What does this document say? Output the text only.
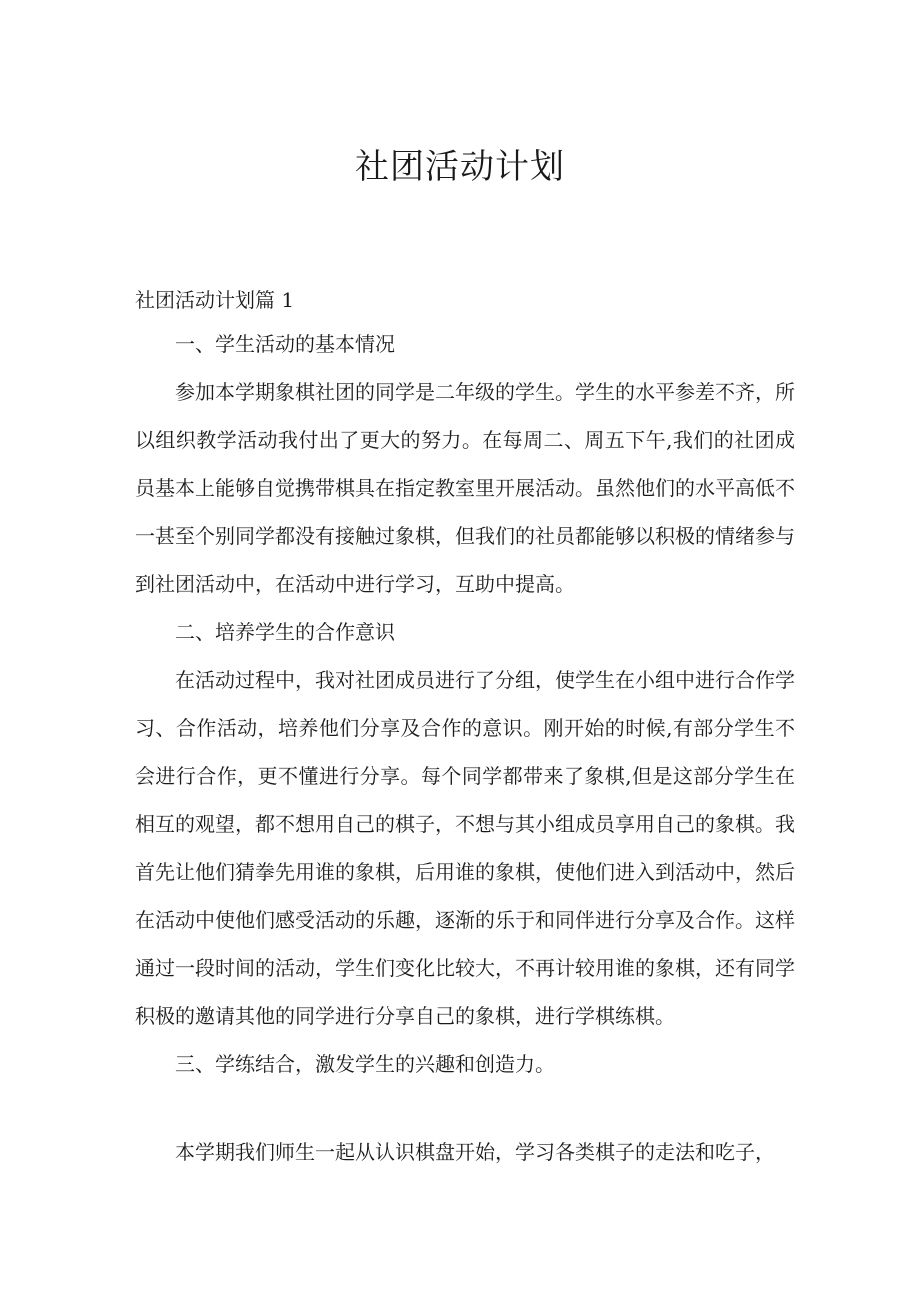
社团活动计划

社团活动计划篇 1

一、学生活动的基本情况

参加本学期象棋社团的同学是二年级的学生。学生的水平参差不齐，所以组织教学活动我付出了更大的努力。在每周二、周五下午,我们的社团成员基本上能够自觉携带棋具在指定教室里开展活动。虽然他们的水平高低不一甚至个别同学都没有接触过象棋，但我们的社员都能够以积极的情绪参与到社团活动中，在活动中进行学习，互助中提高。

二、培养学生的合作意识

在活动过程中，我对社团成员进行了分组，使学生在小组中进行合作学习、合作活动，培养他们分享及合作的意识。刚开始的时候,有部分学生不会进行合作，更不懂进行分享。每个同学都带来了象棋,但是这部分学生在相互的观望，都不想用自己的棋子，不想与其小组成员享用自己的象棋。我首先让他们猜拳先用谁的象棋，后用谁的象棋，使他们进入到活动中，然后在活动中使他们感受活动的乐趣，逐渐的乐于和同伴进行分享及合作。这样通过一段时间的活动，学生们变化比较大，不再计较用谁的象棋，还有同学积极的邀请其他的同学进行分享自己的象棋，进行学棋练棋。

三、学练结合，激发学生的兴趣和创造力。

本学期我们师生一起从认识棋盘开始，学习各类棋子的走法和吃子，
